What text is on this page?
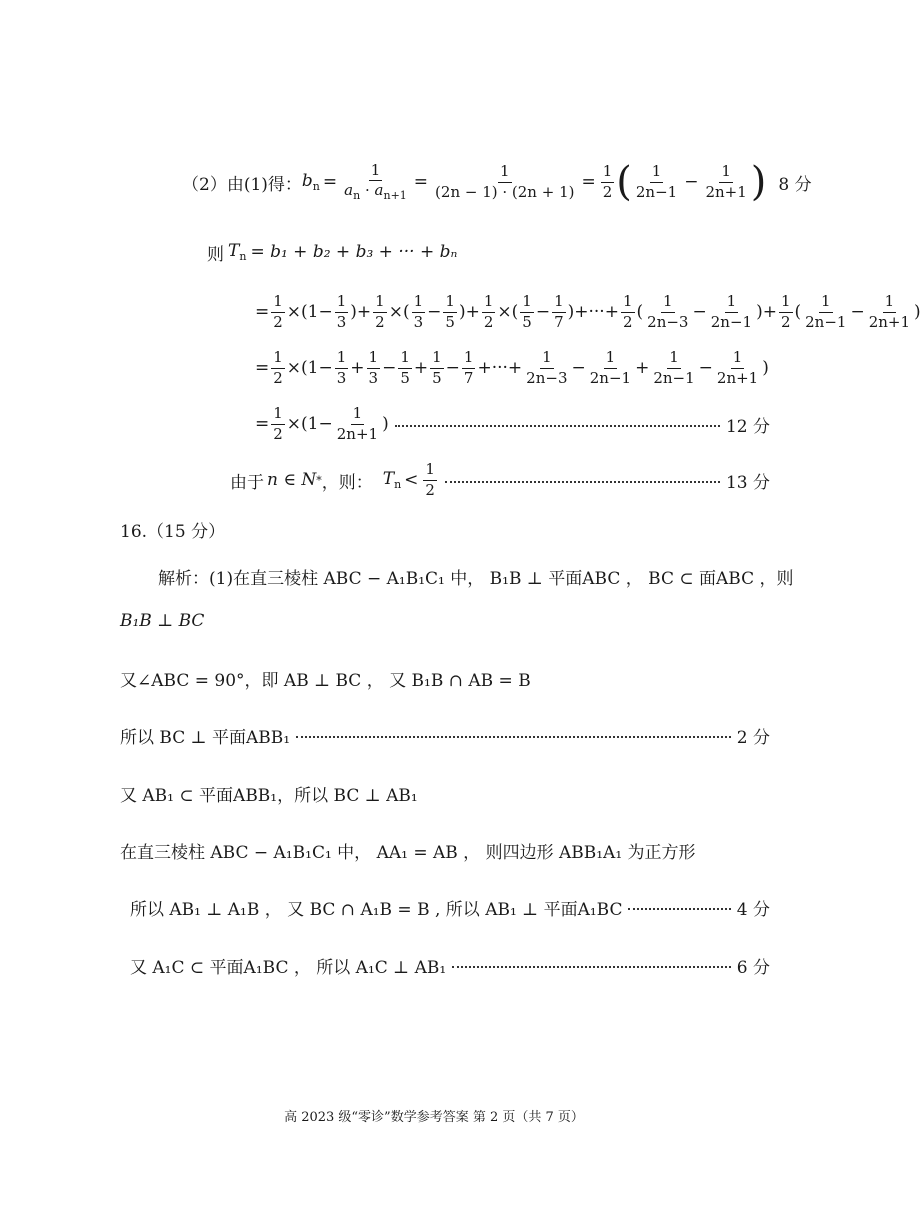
（2）由(1)得： $b_n = \frac{1}{a_n \cdot a_{n+1}} = \frac{1}{(2n - 1) \cdot (2n + 1)} = \frac{1}{2}$ ( $\frac{1}{2n-1} - \frac{1}{2n+1}$ ) 8 分
则 $T_n = b_1 + b_2 + b_3$ + ··· + bₙ
= $\frac{1}{2} \times(1- \frac{1}{3}$ )+ $\frac{1}{2}$ ×( $\frac{1}{3} - \frac{1}{5}$ )+ $\frac{1}{2}$ ×( $\frac{1}{5} - \frac{1}{7}$ )+···+ $\frac{1}{2}$ ( $\frac{1}{2n-3} - \frac{1}{2n-1}$ )+ $\frac{1}{2}$ ( $\frac{1}{2n-1} - \frac{1}{2n+1}$ )
= $\frac{1}{2} \times(1- \frac{1}{3} + \frac{1}{3} - \frac{1}{5} + \frac{1}{5} - \frac{1}{7}$ +···+ $\frac{1}{2n-3} - \frac{1}{2n-1} + \frac{1}{2n-1} - \frac{1}{2n+1}$ )
= $\frac{1}{2} \times(1- \frac{1}{2n+1}$ )	12 分
由于 n ∈ N * ，则： $T_n < \frac{1}{2}$	13 分
16.（15 分）
解析：(1)在直三棱柱 ABC − A₁B₁C₁ 中， B₁B ⊥ 平面ABC ， BC ⊂ 面ABC ，则
B₁B ⊥ BC
又∠ABC = 90°，即 AB ⊥ BC ， 又 B₁B ∩ AB = B
所以 BC ⊥ 平面ABB₁	2 分
又 AB₁ ⊂ 平面ABB₁，所以 BC ⊥ AB₁
在直三棱柱 ABC − A₁B₁C₁ 中， AA₁ = AB ， 则四边形 ABB₁A₁ 为正方形
所以 AB₁ ⊥ A₁B ， 又 BC ∩ A₁B = B , 所以 AB₁ ⊥ 平面A₁BC	4 分
又 A₁C ⊂ 平面A₁BC ， 所以 A₁C ⊥ AB₁	6 分
高 2023 级“零诊”数学参考答案 第 2 页（共 7 页）
